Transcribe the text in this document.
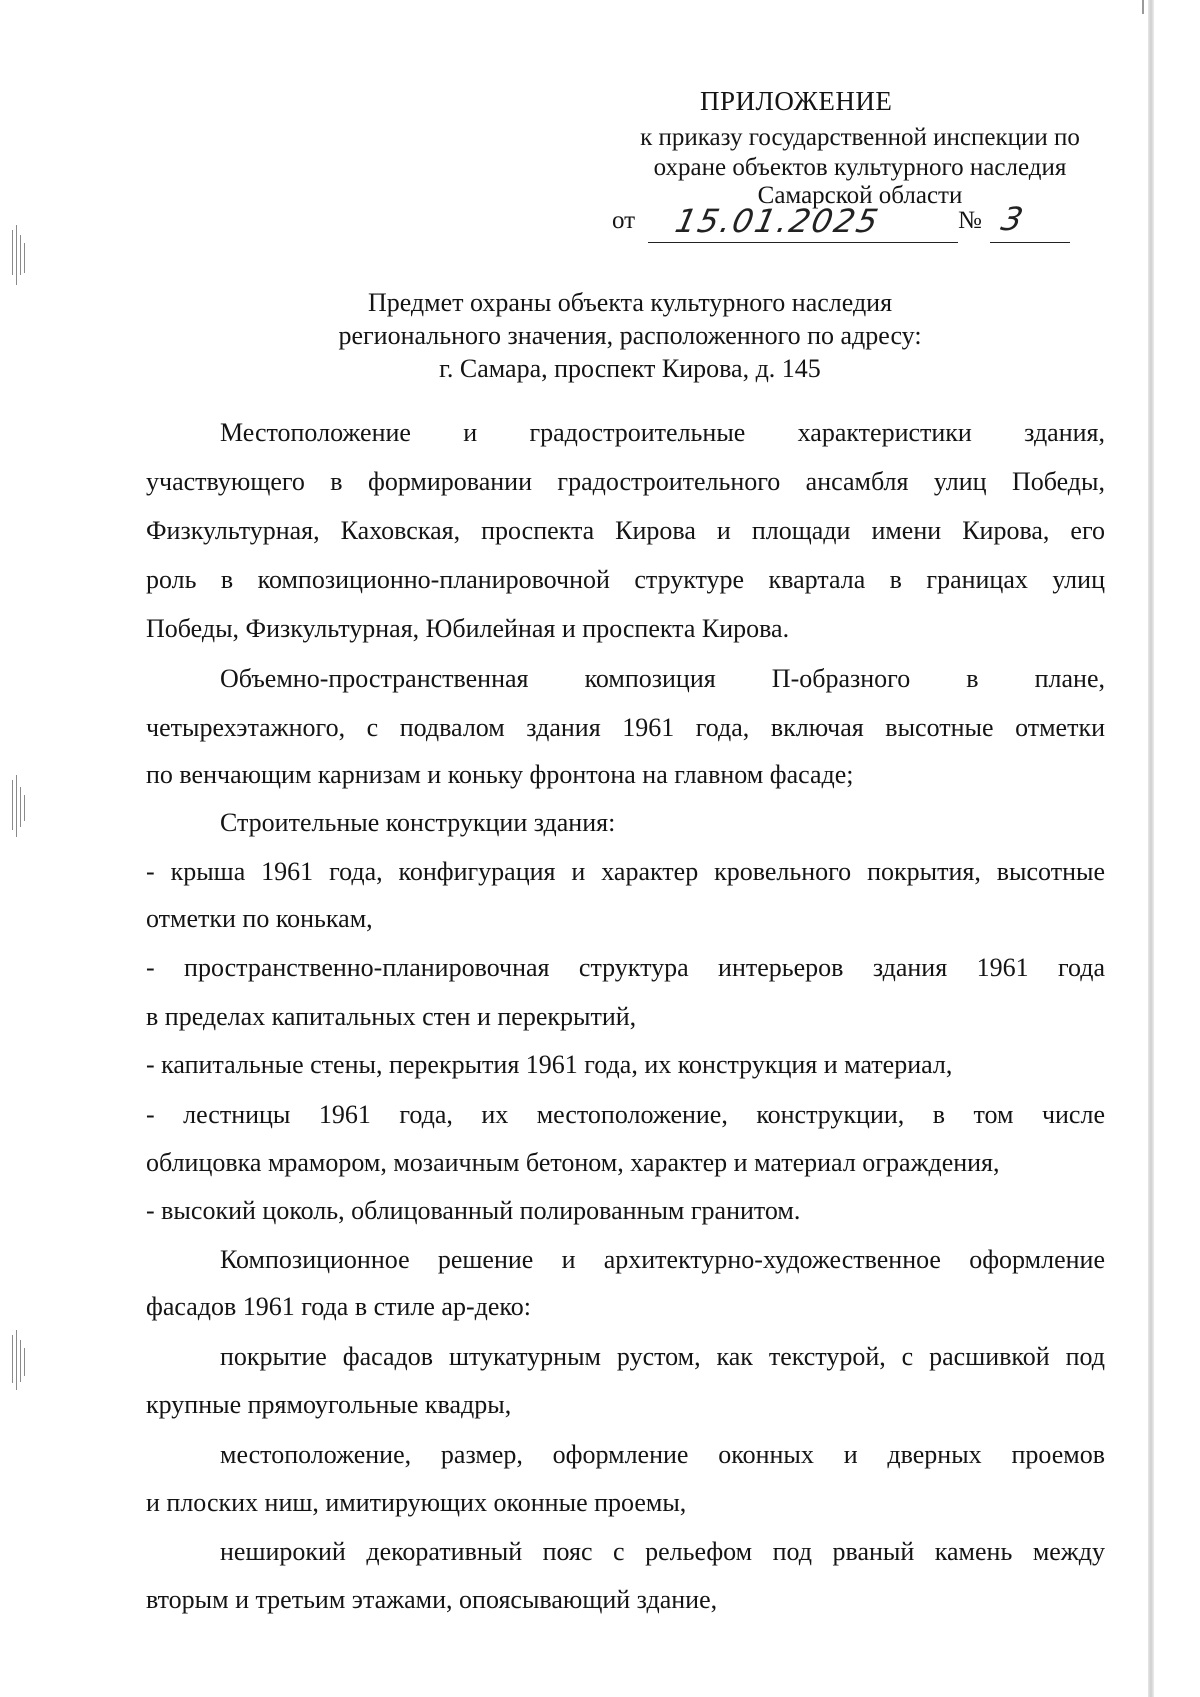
ПРИЛОЖЕНИЕ
к приказу государственной инспекции по
охране объектов культурного наследия
Самарской области
от 15.01.2025	№ 3
Предмет охраны объекта культурного наследия
регионального значения, расположенного по адресу:
г. Самара, проспект Кирова, д. 145
Местоположение и градостроительные характеристики здания,
участвующего в формировании градостроительного ансамбля улиц Победы,
Физкультурная, Каховская, проспекта Кирова и площади имени Кирова, его
роль в композиционно-планировочной структуре квартала в границах улиц
Победы, Физкультурная, Юбилейная и проспекта Кирова.
Объемно-пространственная композиция П-образного в плане,
четырехэтажного, с подвалом здания 1961 года, включая высотные отметки
по венчающим карнизам и коньку фронтона на главном фасаде;
Строительные конструкции здания:
- крыша 1961 года, конфигурация и характер кровельного покрытия, высотные
отметки по конькам,
- пространственно-планировочная структура интерьеров здания 1961 года
в пределах капитальных стен и перекрытий,
- капитальные стены, перекрытия 1961 года, их конструкция и материал,
- лестницы 1961 года, их местоположение, конструкции, в том числе
облицовка мрамором, мозаичным бетоном, характер и материал ограждения,
- высокий цоколь, облицованный полированным гранитом.
Композиционное решение и архитектурно-художественное оформление
фасадов 1961 года в стиле ар-деко:
покрытие фасадов штукатурным рустом, как текстурой, с расшивкой под
крупные прямоугольные квадры,
местоположение, размер, оформление оконных и дверных проемов
и плоских ниш, имитирующих оконные проемы,
неширокий декоративный пояс с рельефом под рваный камень между
вторым и третьим этажами, опоясывающий здание,
